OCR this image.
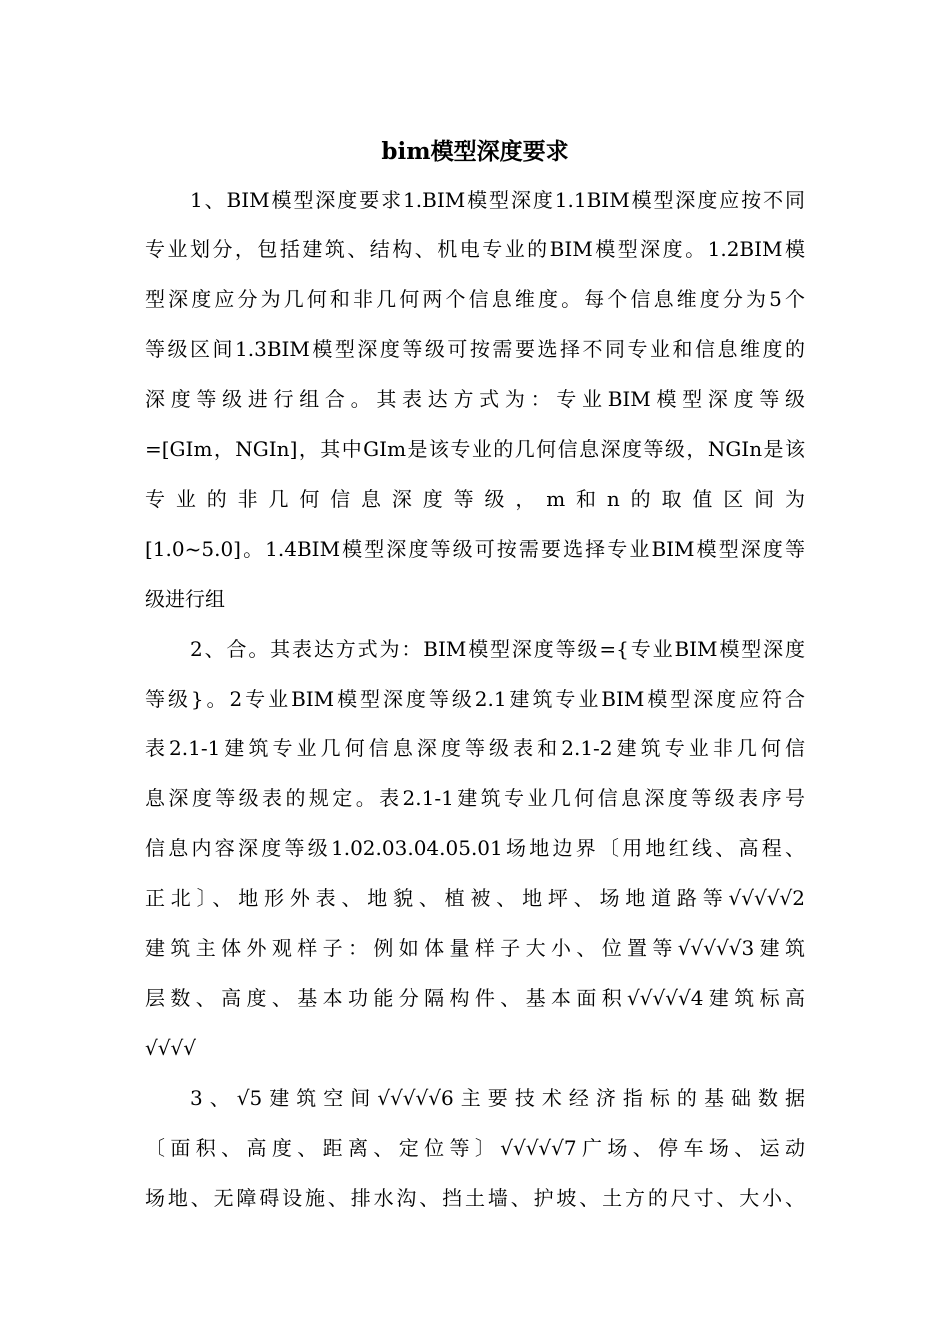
bim模型深度要求
1、BIM模型深度要求1.BIM模型深度1.1BIM模型深度应按不同
专业划分，包括建筑、结构、机电专业的BIM模型深度。1.2BIM模
型深度应分为几何和非几何两个信息维度。每个信息维度分为5个
等级区间1.3BIM模型深度等级可按需要选择不同专业和信息维度的
深度等级进行组合。其表达方式为：专业BIM模型深度等级
=[GIm，NGIn]，其中GIm是该专业的几何信息深度等级，NGIn是该
专业的非几何信息深度等级，m和n的取值区间为
[1.0~5.0]。1.4BIM模型深度等级可按需要选择专业BIM模型深度等
级进行组
2、合。其表达方式为：BIM模型深度等级={专业BIM模型深度
等级}。2专业BIM模型深度等级2.1建筑专业BIM模型深度应符合
表2.1-1建筑专业几何信息深度等级表和2.1-2建筑专业非几何信
息深度等级表的规定。表2.1-1建筑专业几何信息深度等级表序号
信息内容深度等级1.02.03.04.05.01场地边界〔用地红线、高程、
正北〕、地形外表、地貌、植被、地坪、场地道路等√√√√√2
建筑主体外观样子：例如体量样子大小、位置等√√√√√3建筑
层数、高度、基本功能分隔构件、基本面积√√√√√4建筑标高
√√√√
3、√5建筑空间√√√√√6主要技术经济指标的基础数据
〔面积、高度、距离、定位等〕√√√√√7广场、停车场、运动
场地、无障碍设施、排水沟、挡土墙、护坡、土方的尺寸、大小、
